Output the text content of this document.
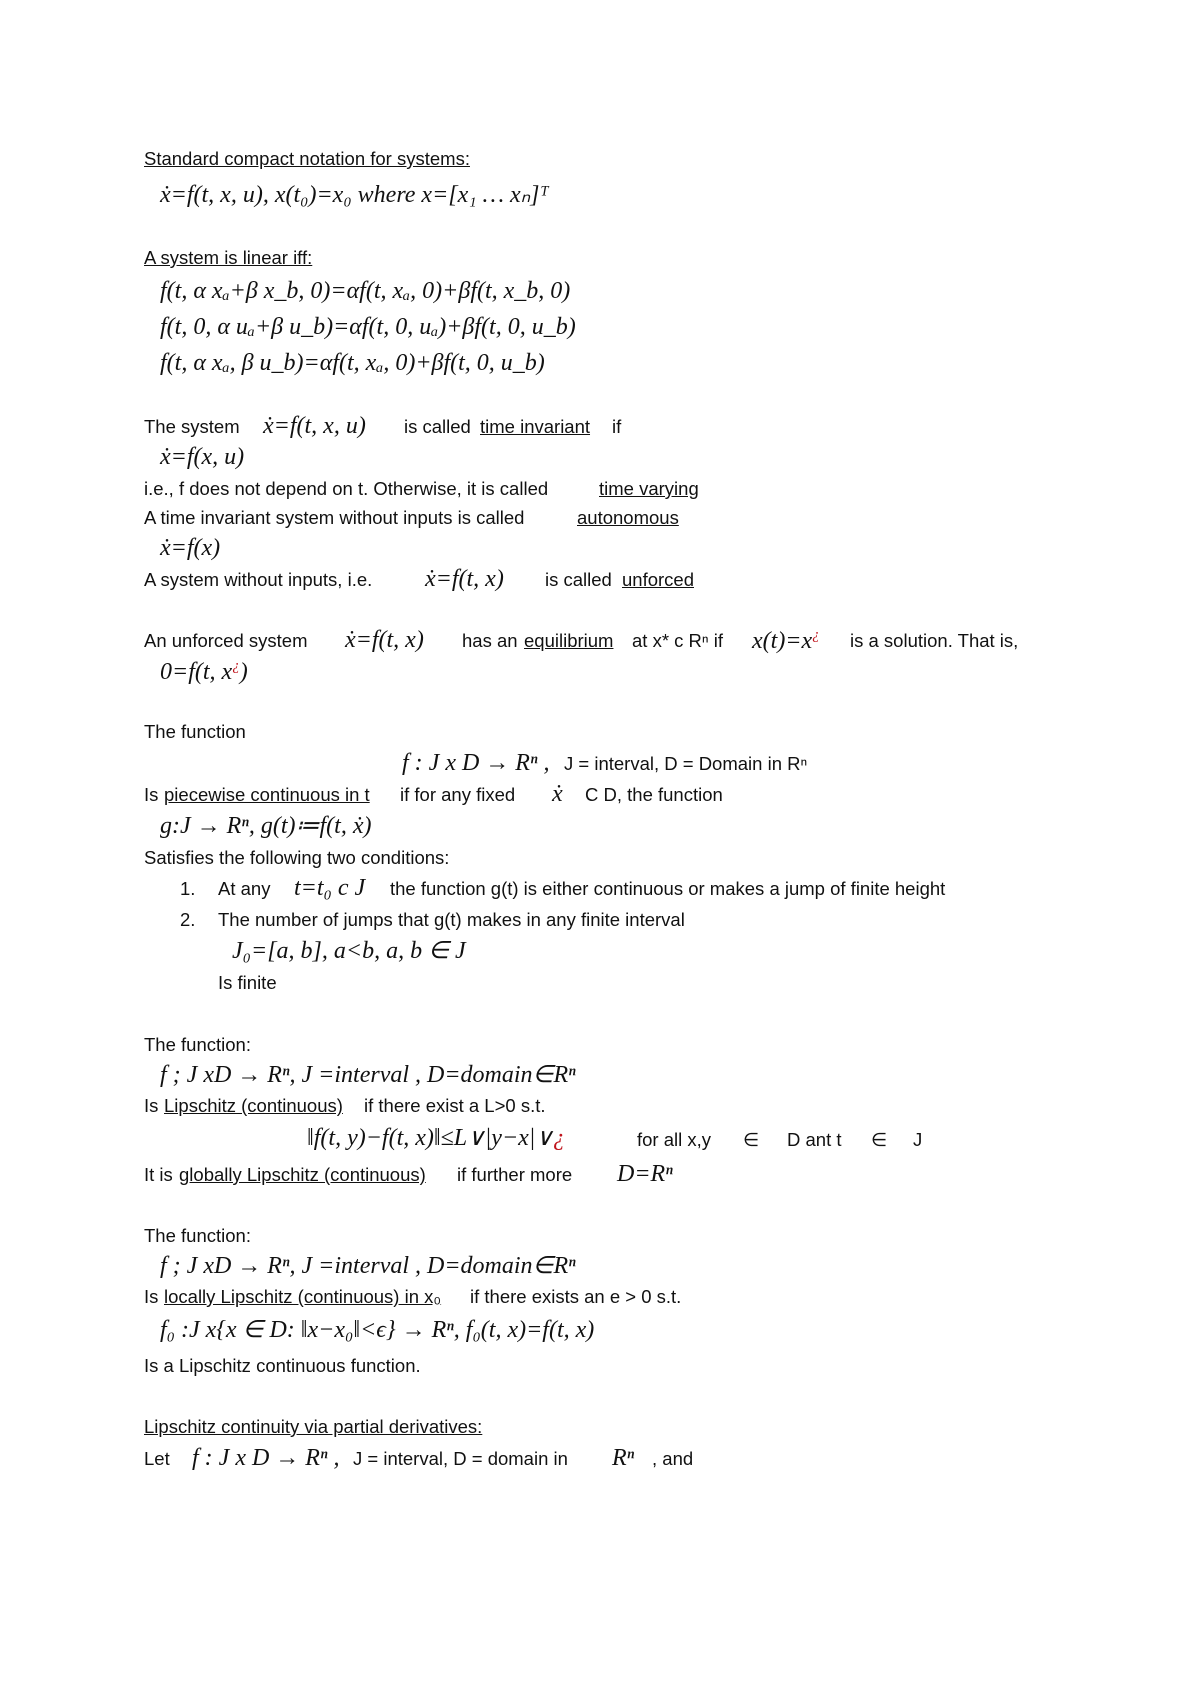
Standard compact notation for systems:
ẋ=f(t, x, u), x(t₀)=x₀ where x=[x₁ … xₙ]ᵀ
A system is linear iff:
f(t, α xₐ+β x_b, 0)=αf(t, xₐ, 0)+βf(t, x_b, 0)
f(t, 0, α uₐ+β u_b)=αf(t, 0, uₐ)+βf(t, 0, u_b)
f(t, α xₐ, β u_b)=αf(t, xₐ, 0)+βf(t, 0, u_b)
The system ẋ=f(t, x, u) is called time invariant if
ẋ=f(x, u)
i.e., f does not depend on t. Otherwise, it is called	time varying
A time invariant system without inputs is called	autonomous
ẋ=f(x)
A system without inputs, i.e. ẋ=f(t, x) is called unforced
An unforced system ẋ=f(t, x) has an equilibrium at x* c Rⁿ if x(t)=x¿ is a solution. That is,
0=f(t, x¿)
The function
f : J x D → Rⁿ , J = interval, D = Domain in Rⁿ
Is piecewise continuous in t if for any fixed ẋ C D, the function
g:J → Rⁿ, g(t)≔f(t, ẋ)
Satisfies the following two conditions:
1. At any t=t₀ c J the function g(t) is either continuous or makes a jump of finite height
2. The number of jumps that g(t) makes in any finite interval
J₀=[a, b], a<b, a, b ∈ J
Is finite
The function:
f ; J xD → Rⁿ, J =interval , D=domain∈Rⁿ
Is Lipschitz (continuous) if there exist a L>0 s.t.
‖f(t, y)−f(t, x)‖≤L∨|y−x|∨¿	for all x,y ∈ D ant t ∈ J
It is globally Lipschitz (continuous) if further more D=Rⁿ
The function:
f ; J xD → Rⁿ, J =interval , D=domain∈Rⁿ
Is locally Lipschitz (continuous) in x₀ if there exists an e > 0 s.t.
f₀ :J x{x ∈ D: ‖x−x₀‖<ϵ} → Rⁿ, f₀(t, x)=f(t, x)
Is a Lipschitz continuous function.
Lipschitz continuity via partial derivatives:
Let f : J x D → Rⁿ , J = interval, D = domain in Rⁿ , and
